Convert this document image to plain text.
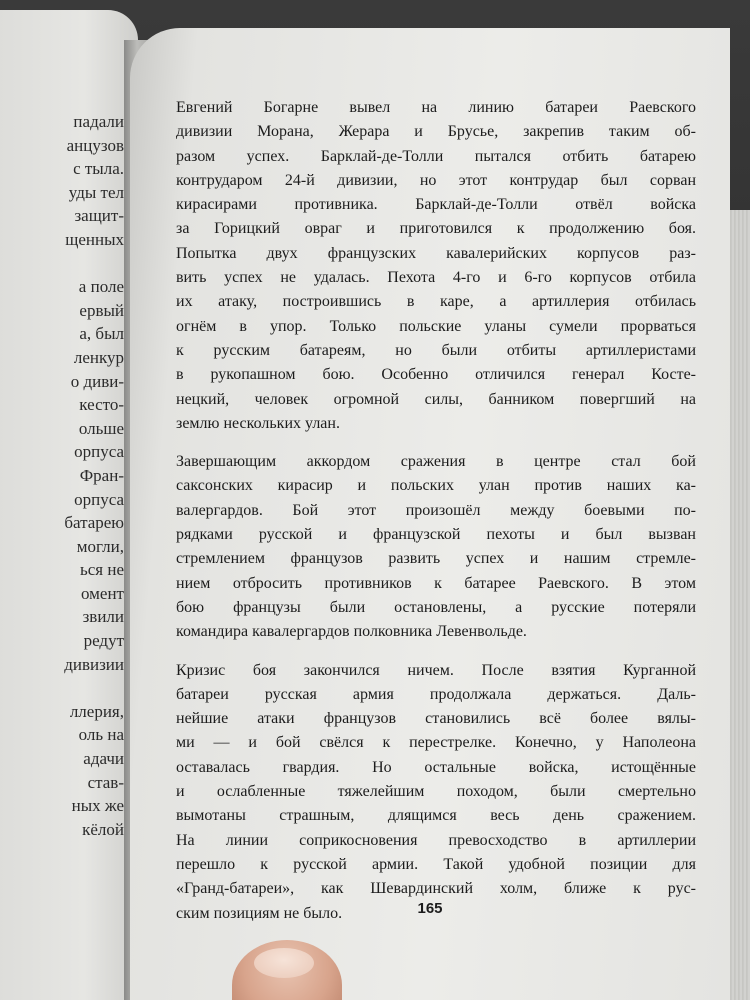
падали
анцузов
с тыла.
уды тел
защит-
щенных
а поле
ервый
а, был
ленкур
о диви-
кесто-
ольше
орпуса
Фран-
орпуса
батарею
могли,
ься не
омент
звили
редут
дивизии
ллерия,
оль на
адачи
став-
ных же
кёлой
Евгений Богарне вывел на линию батареи Раевского
дивизии Морана, Жерара и Брусье, закрепив таким об-
разом успех. Барклай-де-Толли пытался отбить батарею
контрударом 24-й дивизии, но этот контрудар был сорван
кирасирами противника. Барклай-де-Толли отвёл войска
за Горицкий овраг и приготовился к продолжению боя.
Попытка двух французских кавалерийских корпусов раз-
вить успех не удалась. Пехота 4-го и 6-го корпусов отбила
их атаку, построившись в каре, а артиллерия отбилась
огнём в упор. Только польские уланы сумели прорваться
к русским батареям, но были отбиты артиллеристами
в рукопашном бою. Особенно отличился генерал Косте-
нецкий, человек огромной силы, банником повергший на
землю нескольких улан.
Завершающим аккордом сражения в центре стал бой
саксонских кирасир и польских улан против наших ка-
валергардов. Бой этот произошёл между боевыми по-
рядками русской и французской пехоты и был вызван
стремлением французов развить успех и нашим стремле-
нием отбросить противников к батарее Раевского. В этом
бою французы были остановлены, а русские потеряли
командира кавалергардов полковника Левенвольде.
Кризис боя закончился ничем. После взятия Курганной
батареи русская армия продолжала держаться. Даль-
нейшие атаки французов становились всё более вялы-
ми — и бой свёлся к перестрелке. Конечно, у Наполеона
оставалась гвардия. Но остальные войска, истощённые
и ослабленные тяжелейшим походом, были смертельно
вымотаны страшным, длящимся весь день сражением.
На линии соприкосновения превосходство в артиллерии
перешло к русской армии. Такой удобной позиции для
«Гранд-батареи», как Шевардинский холм, ближе к рус-
ским позициям не было.	165
